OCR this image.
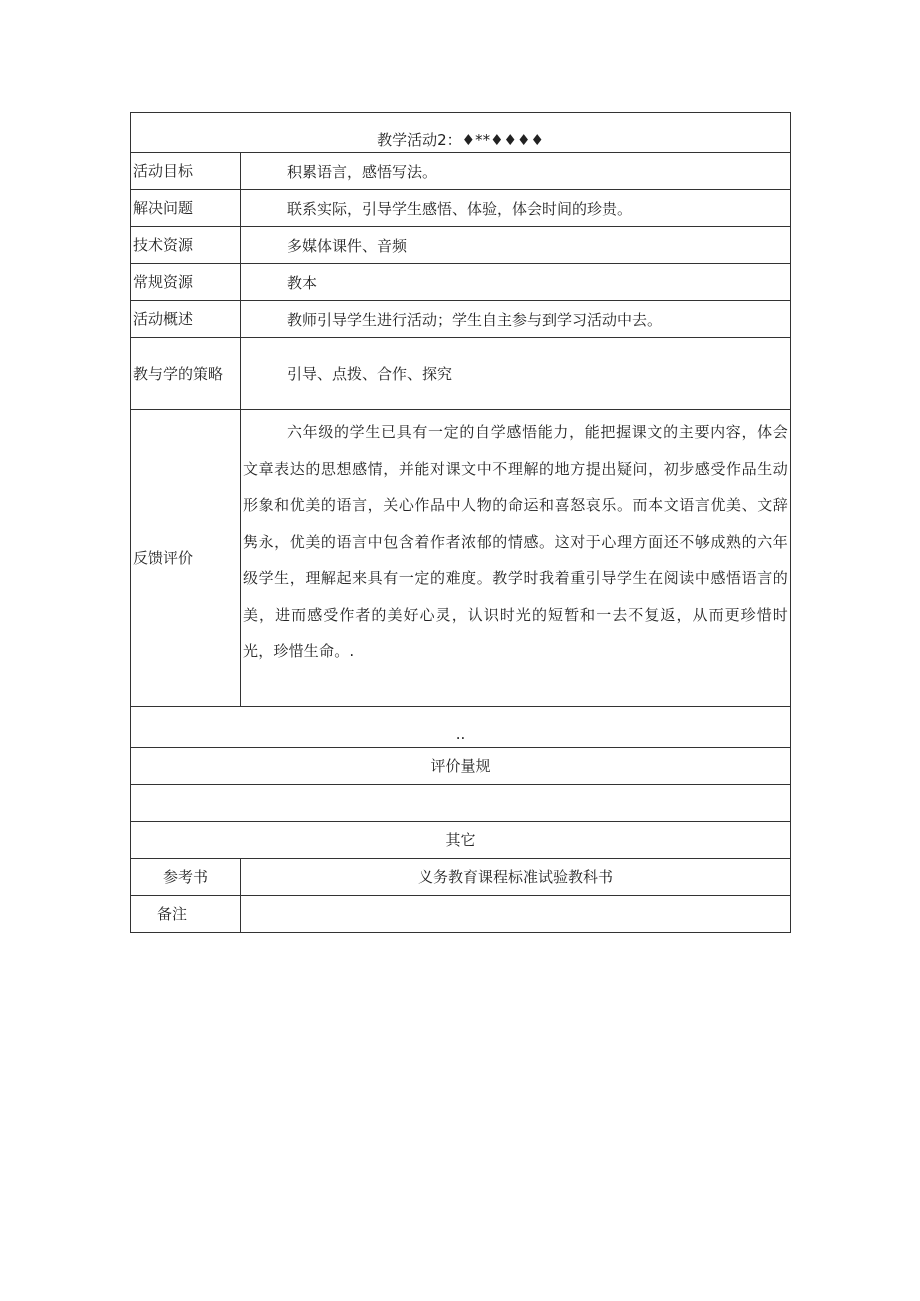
教学活动2：♦**♦♦♦♦	
活动目标	积累语言，感悟写法。
解决问题	联系实际，引导学生感悟、体验，体会时间的珍贵。
技术资源	多媒体课件、音频
常规资源	教本
活动概述	教师引导学生进行活动；学生自主参与到学习活动中去。
教与学的策略	引导、点拨、合作、探究
反馈评价	六年级的学生已具有一定的自学感悟能力，能把握课文的主要内容，体会文章表达的思想感情，并能对课文中不理解的地方提出疑问，初步感受作品生动形象和优美的语言，关心作品中人物的命运和喜怒哀乐。而本文语言优美、文辞隽永，优美的语言中包含着作者浓郁的情感。这对于心理方面还不够成熟的六年级学生，理解起来具有一定的难度。教学时我着重引导学生在阅读中感悟语言的美，进而感受作者的美好心灵，认识时光的短暂和一去不复返，从而更珍惜时光，珍惜生命。.
..	
评价量规	

其它	
参考书	义务教育课程标准试验教科书
备注	
